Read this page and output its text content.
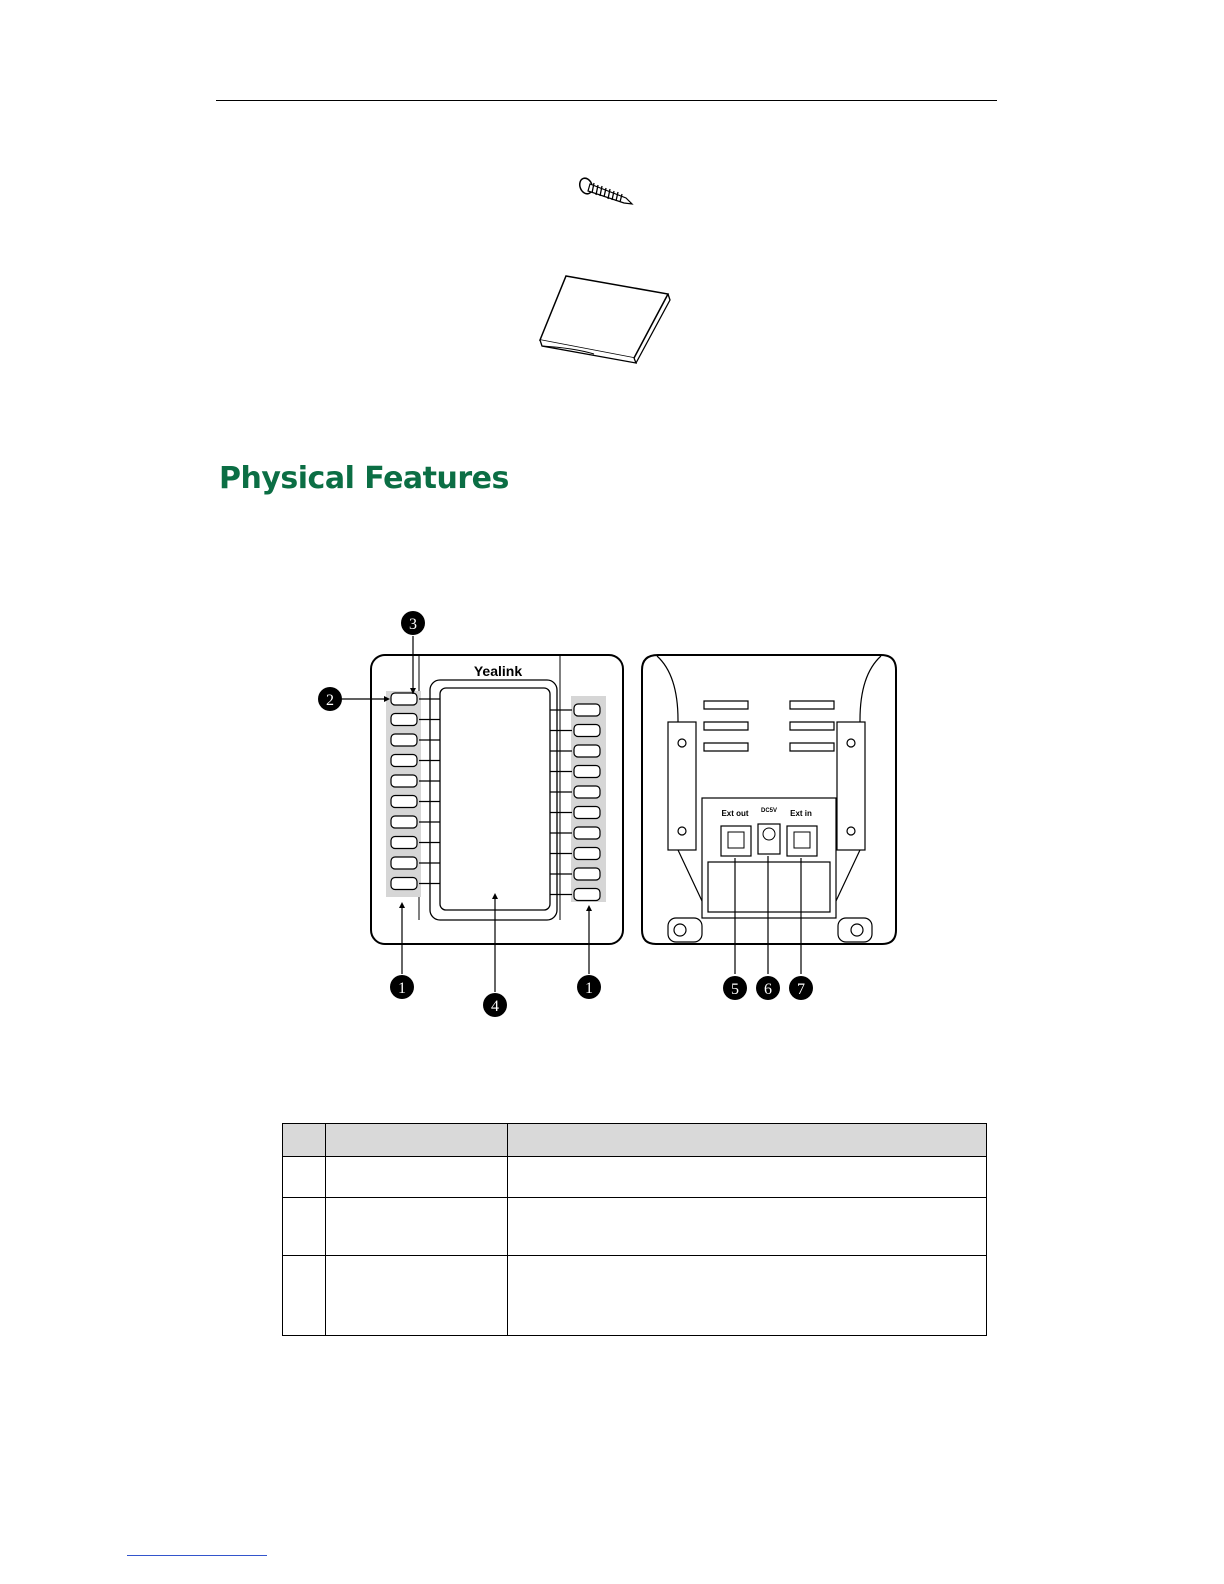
Physical Features
Yealink
Ext out DC5V Ext in
3
2
1
4
1	5 6 7
